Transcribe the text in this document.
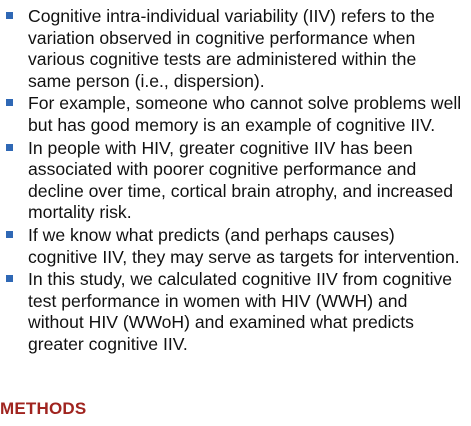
Cognitive intra-individual variability (IIV) refers to the variation observed in cognitive performance when various cognitive tests are administered within the same person (i.e., dispersion).
For example, someone who cannot solve problems well but has good memory is an example of cognitive IIV.
In people with HIV, greater cognitive IIV has been associated with poorer cognitive performance and decline over time, cortical brain atrophy, and increased mortality risk.
If we know what predicts (and perhaps causes) cognitive IIV, they may serve as targets for intervention.
In this study, we calculated cognitive IIV from cognitive test performance in women with HIV (WWH) and without HIV (WWoH) and examined what predicts greater cognitive IIV.
METHODS
